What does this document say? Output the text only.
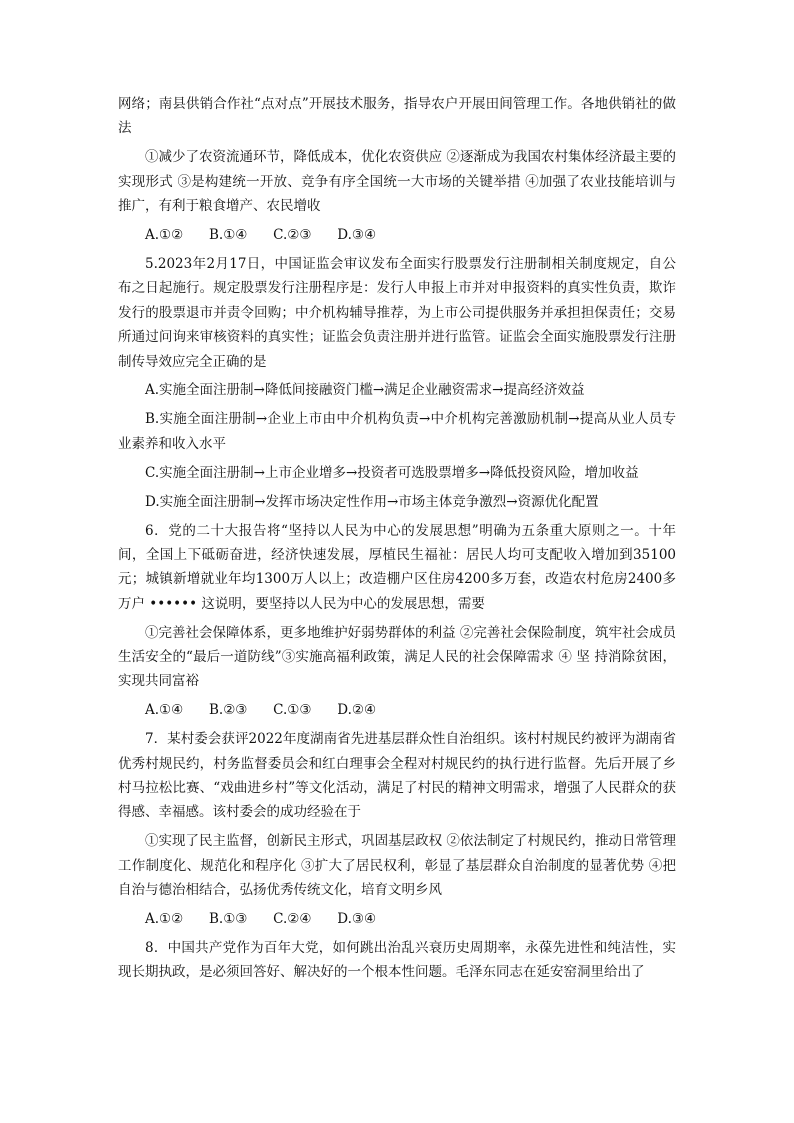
网络；南县供销合作社“点对点”开展技术服务，指导农户开展田间管理工作。各地供销社的做法

①减少了农资流通环节，降低成本，优化农资供应 ②逐渐成为我国农村集体经济最主要的实现形式 ③是构建统一开放、竞争有序全国统一大市场的关键举措 ④加强了农业技能培训与推广，有利于粮食增产、农民增收

A.①②      B.①④      C.②③      D.③④

5.2023年2月17日，中国证监会审议发布全面实行股票发行注册制相关制度规定，自公布之日起施行。规定股票发行注册程序是：发行人申报上市并对申报资料的真实性负责，欺诈发行的股票退市并责令回购；中介机构辅导推荐，为上市公司提供服务并承担担保责任；交易所通过问询来审核资料的真实性；证监会负责注册并进行监管。证监会全面实施股票发行注册制传导效应完全正确的是

A.实施全面注册制→降低间接融资门槛→满足企业融资需求→提高经济效益

B.实施全面注册制→企业上市由中介机构负责→中介机构完善激励机制→提高从业人员专业素养和收入水平

C.实施全面注册制→上市企业增多→投资者可选股票增多→降低投资风险，增加收益
D.实施全面注册制→发挥市场决定性作用→市场主体竞争激烈→资源优化配置

6．党的二十大报告将“坚持以人民为中心的发展思想”明确为五条重大原则之一。十年间，全国上下砥砺奋进，经济快速发展，厚植民生福祉：居民人均可支配收入增加到35100元；城镇新增就业年均1300万人以上；改造棚户区住房4200多万套，改造农村危房2400多万户 •••••• 这说明，要坚持以人民为中心的发展思想，需要

①完善社会保障体系，更多地维护好弱势群体的利益 ②完善社会保险制度，筑牢社会成员生活安全的“最后一道防线”③实施高福利政策，满足人民的社会保障需求 ④ 坚 持消除贫困，实现共同富裕

A.①④      B.②③      C.①③      D.②④

7．某村委会获评2022年度湖南省先进基层群众性自治组织。该村村规民约被评为湖南省优秀村规民约，村务监督委员会和红白理事会全程对村规民约的执行进行监督。先后开展了乡村马拉松比赛、“戏曲进乡村”等文化活动，满足了村民的精神文明需求，增强了人民群众的获得感、幸福感。该村委会的成功经验在于

①实现了民主监督，创新民主形式，巩固基层政权 ②依法制定了村规民约，推动日常管理工作制度化、规范化和程序化 ③扩大了居民权利，彰显了基层群众自治制度的显著优势 ④把自治与德治相结合，弘扬优秀传统文化，培育文明乡风

A.①②      B.①③      C.②④      D.③④

8．中国共产党作为百年大党，如何跳出治乱兴衰历史周期率，永葆先进性和纯洁性，实现长期执政，是必须回答好、解决好的一个根本性问题。毛泽东同志在延安窑洞里给出了
